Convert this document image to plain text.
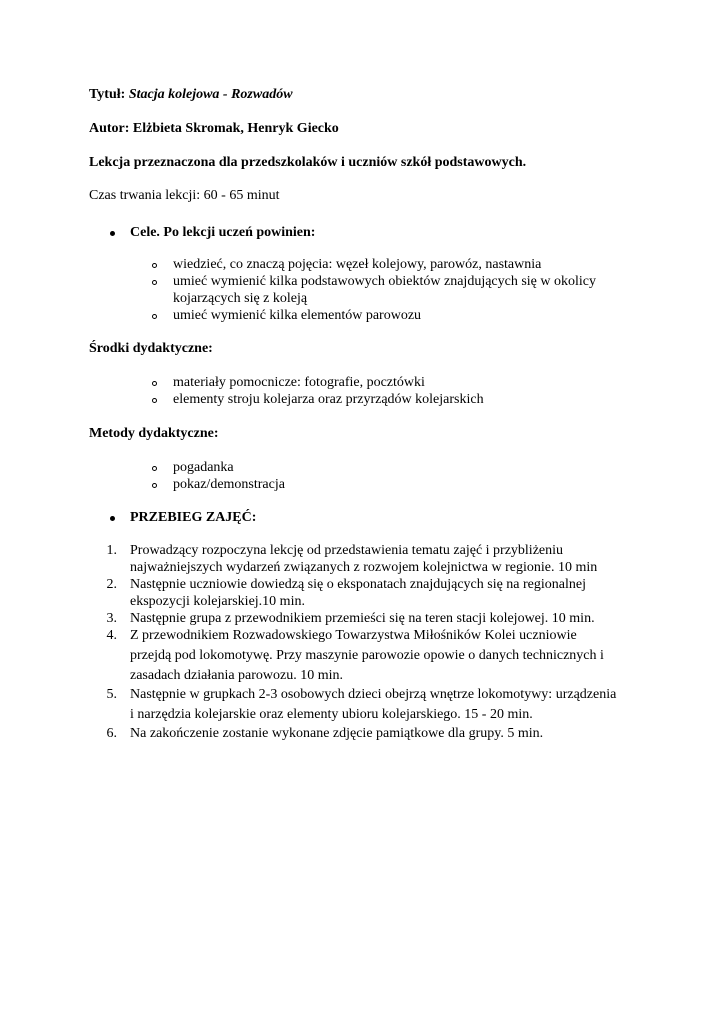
Tytuł: Stacja kolejowa - Rozwadów
Autor: Elżbieta Skromak, Henryk Giecko
Lekcja przeznaczona dla przedszkolaków i uczniów szkół podstawowych.
Czas trwania lekcji: 60 - 65 minut
Cele. Po lekcji uczeń powinien:
wiedzieć, co znaczą pojęcia: węzeł kolejowy, parowóz, nastawnia
umieć wymienić kilka podstawowych obiektów znajdujących się w okolicy
kojarzących się z koleją
umieć wymienić kilka elementów parowozu
Środki dydaktyczne:
materiały pomocnicze: fotografie, pocztówki
elementy stroju kolejarza oraz przyrządów kolejarskich
Metody dydaktyczne:
pogadanka
pokaz/demonstracja
PRZEBIEG ZAJĘĆ:
1. Prowadzący rozpoczyna lekcję od przedstawienia tematu zajęć i przybliżeniu
najważniejszych wydarzeń związanych z rozwojem kolejnictwa w regionie. 10 min
2. Następnie uczniowie dowiedzą się o eksponatach znajdujących się na regionalnej
ekspozycji kolejarskiej.10 min.
3. Następnie grupa z przewodnikiem przemieści się na teren stacji kolejowej. 10 min.
4. Z przewodnikiem Rozwadowskiego Towarzystwa Miłośników Kolei uczniowie
przejdą pod lokomotywę. Przy maszynie parowozie opowie o danych technicznych i
zasadach działania parowozu. 10 min.
5. Następnie w grupkach 2-3 osobowych dzieci obejrzą wnętrze lokomotywy: urządzenia
i narzędzia kolejarskie oraz elementy ubioru kolejarskiego. 15 - 20 min.
6. Na zakończenie zostanie wykonane zdjęcie pamiątkowe dla grupy. 5 min.
